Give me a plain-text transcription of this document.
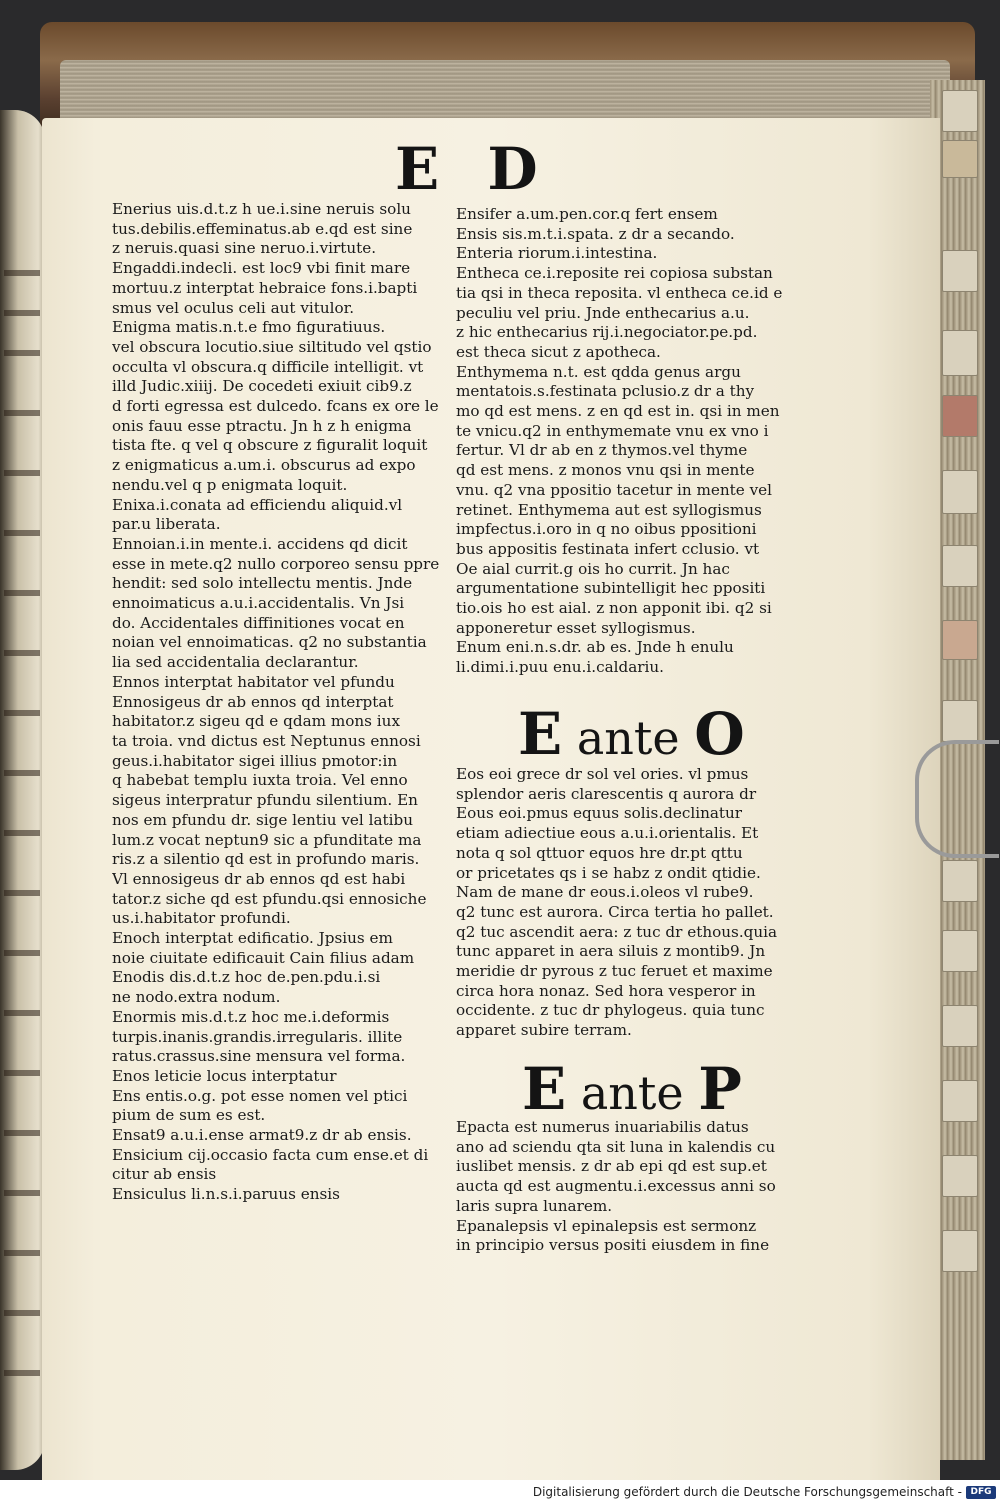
E D
Enerius uis.d.t.z h ue.i.sine neruis solu
tus.debilis.effeminatus.ab e.qd est sine
z neruis.quasi sine neruo.i.virtute.
Engaddi.indecli. est loc9 vbi finit mare
mortuu.z interptat hebraice fons.i.bapti
smus vel oculus celi aut vitulor.
Enigma matis.n.t.e fmo figuratiuus.
vel obscura locutio.siue siltitudo vel qstio
occulta vl obscura.q difficile intelligit. vt
illd Judic.xiiij. De cocedeti exiuit cib9.z
d forti egressa est dulcedo. fcans ex ore le
onis fauu esse ptractu. Jn h z h enigma
tista fte. q vel q obscure z figuralit loquit
z enigmaticus a.um.i. obscurus ad expo
nendu.vel q p enigmata loquit.
Enixa.i.conata ad efficiendu aliquid.vl
par.u liberata.
Ennoian.i.in mente.i. accidens qd dicit
esse in mete.q2 nullo corporeo sensu ppre
hendit: sed solo intellectu mentis. Jnde
ennoimaticus a.u.i.accidentalis. Vn Jsi
do. Accidentales diffinitiones vocat en
noian vel ennoimaticas. q2 no substantia
lia sed accidentalia declarantur.
Ennos interptat habitator vel pfundu
Ennosigeus dr ab ennos qd interptat
habitator.z sigeu qd e qdam mons iux
ta troia. vnd dictus est Neptunus ennosi
geus.i.habitator sigei illius pmotor:in
q habebat templu iuxta troia. Vel enno
sigeus interpratur pfundu silentium. En
nos em pfundu dr. sige lentiu vel latibu
lum.z vocat neptun9 sic a pfunditate ma
ris.z a silentio qd est in profundo maris.
Vl ennosigeus dr ab ennos qd est habi
tator.z siche qd est pfundu.qsi ennosiche
us.i.habitator profundi.
Enoch interptat edificatio. Jpsius em
noie ciuitate edificauit Cain filius adam
Enodis dis.d.t.z hoc de.pen.pdu.i.si
ne nodo.extra nodum.
Enormis mis.d.t.z hoc me.i.deformis
turpis.inanis.grandis.irregularis. illite
ratus.crassus.sine mensura vel forma.
Enos leticie locus interptatur
Ens entis.o.g. pot esse nomen vel ptici
pium de sum es est.
Ensat9 a.u.i.ense armat9.z dr ab ensis.
Ensicium cij.occasio facta cum ense.et di
citur ab ensis
Ensiculus li.n.s.i.paruus ensis
Ensifer a.um.pen.cor.q fert ensem
Ensis sis.m.t.i.spata. z dr a secando.
Enteria riorum.i.intestina.
Entheca ce.i.reposite rei copiosa substan
tia qsi in theca reposita. vl entheca ce.id e
peculiu vel priu. Jnde enthecarius a.u.
z hic enthecarius rij.i.negociator.pe.pd.
est theca sicut z apotheca.
Enthymema n.t. est qdda genus argu
mentatois.s.festinata pclusio.z dr a thy
mo qd est mens. z en qd est in. qsi in men
te vnicu.q2 in enthymemate vnu ex vno i
fertur. Vl dr ab en z thymos.vel thyme
qd est mens. z monos vnu qsi in mente
vnu. q2 vna ppositio tacetur in mente vel
retinet. Enthymema aut est syllogismus
impfectus.i.oro in q no oibus ppositioni
bus appositis festinata infert cclusio. vt
Oe aial currit.g ois ho currit. Jn hac
argumentatione subintelligit hec ppositi
tio.ois ho est aial. z non apponit ibi. q2 si
apponeretur esset syllogismus.
Enum eni.n.s.dr. ab es. Jnde h enulu
li.dimi.i.puu enu.i.caldariu.
E ante O
Eos eoi grece dr sol vel ories. vl pmus
splendor aeris clarescentis q aurora dr
Eous eoi.pmus equus solis.declinatur
etiam adiectiue eous a.u.i.orientalis. Et
nota q sol qttuor equos hre dr.pt qttu
or pricetates qs i se habz z ondit qtidie.
Nam de mane dr eous.i.oleos vl rube9.
q2 tunc est aurora. Circa tertia ho pallet.
q2 tuc ascendit aera: z tuc dr ethous.quia
tunc apparet in aera siluis z montib9. Jn
meridie dr pyrous z tuc feruet et maxime
circa hora nonaz. Sed hora vesperor in
occidente. z tuc dr phylogeus. quia tunc
apparet subire terram.
E ante P
Epacta est numerus inuariabilis datus
ano ad sciendu qta sit luna in kalendis cu
iuslibet mensis. z dr ab epi qd est sup.et
aucta qd est augmentu.i.excessus anni so
laris supra lunarem.
Epanalepsis vl epinalepsis est sermonz
in principio versus positi eiusdem in fine
Digitalisierung gefördert durch die Deutsche Forschungsgemeinschaft - DFG
